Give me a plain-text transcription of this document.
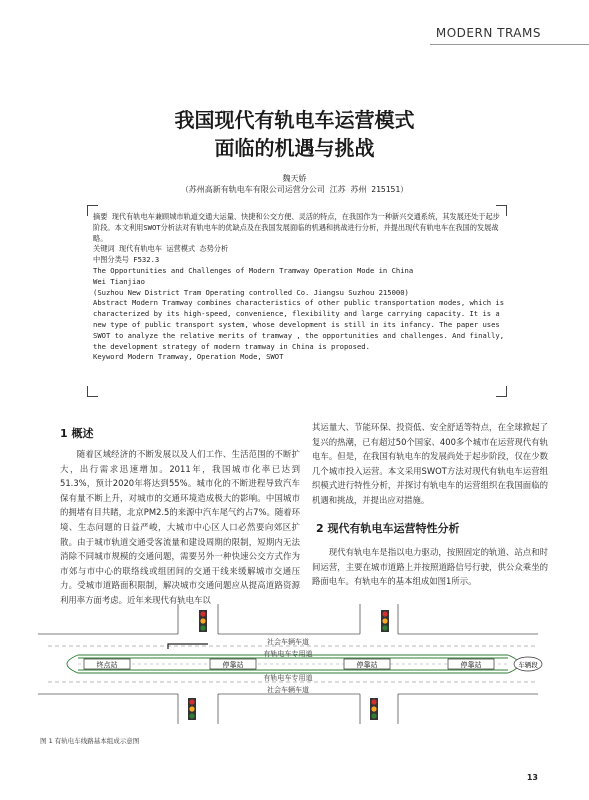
MODERN TRAMS
我国现代有轨电车运营模式
面临的机遇与挑战
魏天娇
（苏州高新有轨电车有限公司运营分公司 江苏 苏州 215151）

摘要 现代有轨电车兼顾城市轨道交通大运量、快捷和公交方便、灵活的特点，在我国作为一种新兴交通系统，其发展还处于起步阶段。本文利用SWOT分析法对有轨电车的优缺点及在我国发展面临的机遇和挑战进行分析，并提出现代有轨电车在我国的发展战略。

关键词 现代有轨电车 运营模式 态势分析

中图分类号 F532.3

The Opportunities and Challenges of Modern Tramway Operation Mode in China

Wei Tianjiao

(Suzhou New District Tram Operating controlled Co. Jiangsu Suzhou 215000)

Abstract Modern Tramway combines characteristics of other public transportation modes, which is characterized by its high-speed, convenience, flexibility and large carrying capacity. It is a new type of public transport system, whose development is still in its infancy. The paper uses SWOT to analyze the relative merits of tramway , the opportunities and challenges. And finally, the development strategy of modern tramway in China is proposed.

Keyword Modern Tramway, Operation Mode, SWOT

1 概述

随着区域经济的不断发展以及人们工作、生活范围的不断扩大，出行需求迅速增加。2011年，我国城市化率已达到51.3%，预计2020年将达到55%。城市化的不断进程导致汽车保有量不断上升，对城市的交通环境造成极大的影响。中国城市的拥堵有目共睹，北京PM2.5的来源中汽车尾气约占7%。随着环境、生态问题的日益严峻，大城市中心区人口必然要向郊区扩散。由于城市轨道交通受客流量和建设周期的限制，短期内无法消除不同城市规模的交通问题，需要另外一种快速公交方式作为市郊与市中心的联络线或组团间的交通干线来缓解城市交通压力。受城市道路面积限制，解决城市交通问题应从提高道路资源利用率方面考虑。近年来现代有轨电车以

其运量大、节能环保、投资低、安全舒适等特点，在全球掀起了复兴的热潮，已有超过50个国家、400多个城市在运营现代有轨电车。但是，在我国有轨电车的发展尚处于起步阶段，仅在少数几个城市投入运营。本文采用SWOT方法对现代有轨电车运营组织模式进行特性分析，并探讨有轨电车的运营组织在我国面临的机遇和挑战，并提出应对措施。

2 现代有轨电车运营特性分析

现代有轨电车是指以电力驱动，按照固定的轨道、站点和时间运营，主要在城市道路上并按照道路信号行驶，供公众乘坐的路面电车。有轨电车的基本组成如图1所示。

终点站	停靠站	停靠站	停靠站	车辆段
社会车辆车道
有轨电车专用道
有轨电车专用道
社会车辆车道
图 1 有轨电车线路基本组成示意图
13
